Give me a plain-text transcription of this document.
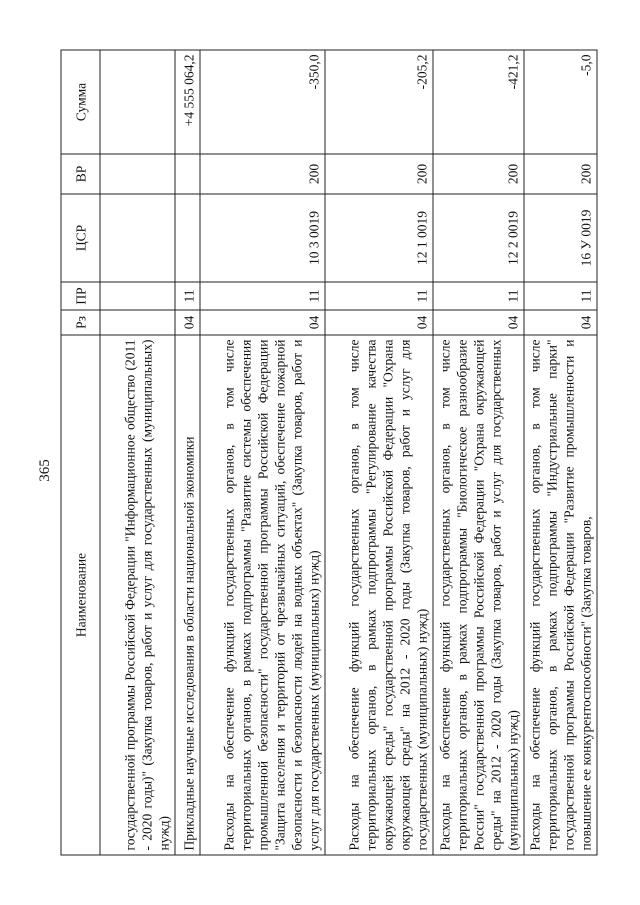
365
Наименование	Рз	ПР	ЦСР	ВР	Сумма
государственной программы Российской Федерации "Информационное общество (2011 - 2020 годы)" (Закупка товаров, работ и услуг для государственных (муниципальных) нужд)					
Прикладные научные исследования в области национальной экономики	04	11			+4 555 064,2
Расходы на обеспечение функций государственных органов, в том числе территориальных органов, в рамках подпрограммы "Развитие системы обеспечения промышленной безопасности" государственной программы Российской Федерации "Защита населения и территорий от чрезвычайных ситуаций, обеспечение пожарной безопасности и безопасности людей на водных объектах" (Закупка товаров, работ и услуг для государственных (муниципальных) нужд)	04	11	10 3 0019	200	-350,0
Расходы на обеспечение функций государственных органов, в том числе территориальных органов, в рамках подпрограммы "Регулирование качества окружающей среды" государственной программы Российской Федерации "Охрана окружающей среды" на 2012 - 2020 годы (Закупка товаров, работ и услуг для государственных (муниципальных) нужд)	04	11	12 1 0019	200	-205,2
Расходы на обеспечение функций государственных органов, в том числе территориальных органов, в рамках подпрограммы "Биологическое разнообразие России" государственной программы Российской Федерации "Охрана окружающей среды" на 2012 - 2020 годы (Закупка товаров, работ и услуг для государственных (муниципальных) нужд)	04	11	12 2 0019	200	-421,2
Расходы на обеспечение функций государственных органов, в том числе территориальных органов, в рамках подпрограммы "Индустриальные парки" государственной программы Российской Федерации "Развитие промышленности и повышение ее конкурентоспособности" (Закупка товаров,	04	11	16 У 0019	200	-5,0
